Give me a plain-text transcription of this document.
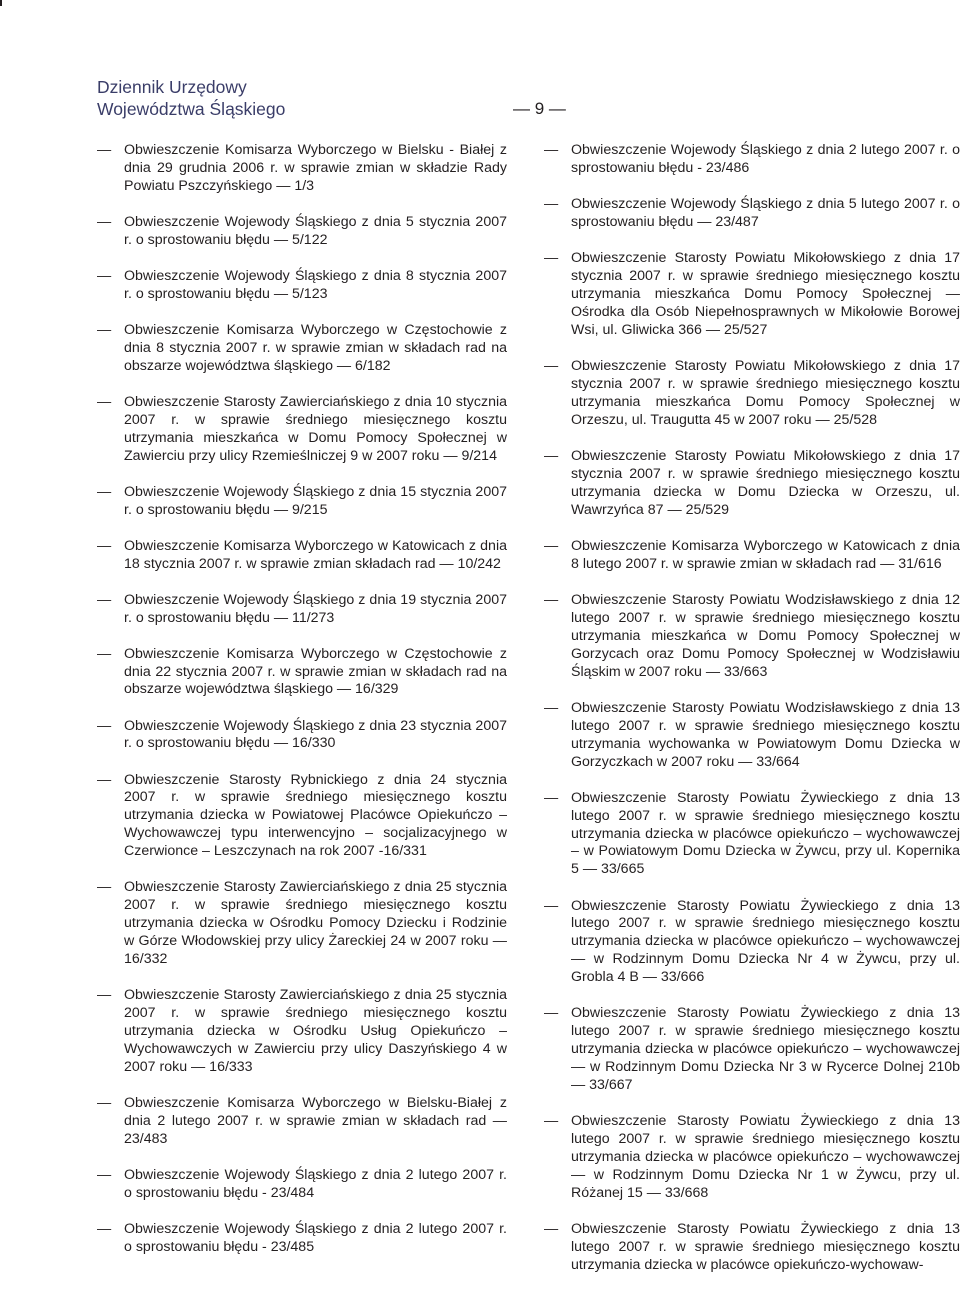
Dziennik Urzędowy

Województwa Śląskiego	— 9 —

— Obwieszczenie Komisarza Wyborczego w Bielsku - Białej z dnia 29 grudnia 2006 r. w sprawie zmian w składzie Rady Powiatu Pszczyńskiego — 1/3

— Obwieszczenie Wojewody Śląskiego z dnia 5 stycznia 2007 r. o sprostowaniu błędu — 5/122

— Obwieszczenie Wojewody Śląskiego z dnia 8 stycznia 2007 r. o sprostowaniu błędu — 5/123

— Obwieszczenie Komisarza Wyborczego w Częstochowie z dnia 8 stycznia 2007 r. w sprawie zmian w składach rad na obszarze województwa śląskiego — 6/182

— Obwieszczenie Starosty Zawierciańskiego z dnia 10 stycznia 2007 r. w sprawie średniego miesięcznego kosztu utrzymania mieszkańca w Domu Pomocy Społecznej w Zawierciu przy ulicy Rzemieślniczej 9 w 2007 roku — 9/214

— Obwieszczenie Wojewody Śląskiego z dnia 15 stycznia 2007 r. o sprostowaniu błędu — 9/215

— Obwieszczenie Komisarza Wyborczego w Katowicach z dnia 18 stycznia 2007 r. w sprawie zmian składach rad — 10/242

— Obwieszczenie Wojewody Śląskiego z dnia 19 stycznia 2007 r. o sprostowaniu błędu — 11/273

— Obwieszczenie Komisarza Wyborczego w Częstochowie z dnia 22 stycznia 2007 r. w sprawie zmian w składach rad na obszarze województwa śląskiego — 16/329

— Obwieszczenie Wojewody Śląskiego z dnia 23 stycznia 2007 r. o sprostowaniu błędu — 16/330

— Obwieszczenie Starosty Rybnickiego z dnia 24 stycznia 2007 r. w sprawie średniego miesięcznego kosztu utrzymania dziecka w Powiatowej Placówce Opiekuńczo – Wychowawczej typu interwencyjno – socjalizacyjnego w Czerwionce – Leszczynach na rok 2007 -16/331

— Obwieszczenie Starosty Zawierciańskiego z dnia 25 stycznia 2007 r. w sprawie średniego miesięcznego kosztu utrzymania dziecka w Ośrodku Pomocy Dziecku i Rodzinie w Górze Włodowskiej przy ulicy Żareckiej 24 w 2007 roku — 16/332

— Obwieszczenie Starosty Zawierciańskiego z dnia 25 stycznia 2007 r. w sprawie średniego miesięcznego kosztu utrzymania dziecka w Ośrodku Usług Opiekuńczo – Wychowawczych w Zawierciu przy ulicy Daszyńskiego 4 w 2007 roku — 16/333

— Obwieszczenie Komisarza Wyborczego w Bielsku-Białej z dnia 2 lutego 2007 r. w sprawie zmian w składach rad — 23/483

— Obwieszczenie Wojewody Śląskiego z dnia 2 lutego 2007 r. o sprostowaniu błędu - 23/484

— Obwieszczenie Wojewody Śląskiego z dnia 2 lutego 2007 r. o sprostowaniu błędu - 23/485

— Obwieszczenie Wojewody Śląskiego z dnia 2 lutego 2007 r. o sprostowaniu błędu - 23/486

— Obwieszczenie Wojewody Śląskiego z dnia 5 lutego 2007 r. o sprostowaniu błędu — 23/487

— Obwieszczenie Starosty Powiatu Mikołowskiego z dnia 17 stycznia 2007 r. w sprawie średniego miesięcznego kosztu utrzymania mieszkańca Domu Pomocy Społecznej — Ośrodka dla Osób Niepełnosprawnych w Mikołowie Borowej Wsi, ul. Gliwicka 366 — 25/527

— Obwieszczenie Starosty Powiatu Mikołowskiego z dnia 17 stycznia 2007 r. w sprawie średniego miesięcznego kosztu utrzymania mieszkańca Domu Pomocy Społecznej w Orzeszu, ul. Traugutta 45 w 2007 roku — 25/528

— Obwieszczenie Starosty Powiatu Mikołowskiego z dnia 17 stycznia 2007 r. w sprawie średniego miesięcznego kosztu utrzymania dziecka w Domu Dziecka w Orzeszu, ul. Wawrzyńca 87 — 25/529

— Obwieszczenie Komisarza Wyborczego w Katowicach z dnia 8 lutego 2007 r. w sprawie zmian w składach rad — 31/616

— Obwieszczenie Starosty Powiatu Wodzisławskiego z dnia 12 lutego 2007 r. w sprawie średniego miesięcznego kosztu utrzymania mieszkańca w Domu Pomocy Społecznej w Gorzycach oraz Domu Pomocy Społecznej w Wodzisławiu Śląskim w 2007 roku — 33/663

— Obwieszczenie Starosty Powiatu Wodzisławskiego z dnia 13 lutego 2007 r. w sprawie średniego miesięcznego kosztu utrzymania wychowanka w Powiatowym Domu Dziecka w Gorzyczkach w 2007 roku — 33/664

— Obwieszczenie Starosty Powiatu Żywieckiego z dnia 13 lutego 2007 r. w sprawie średniego miesięcznego kosztu utrzymania dziecka w placówce opiekuńczo – wychowawczej – w Powiatowym Domu Dziecka w Żywcu, przy ul. Kopernika 5 — 33/665

— Obwieszczenie Starosty Powiatu Żywieckiego z dnia 13 lutego 2007 r. w sprawie średniego miesięcznego kosztu utrzymania dziecka w placówce opiekuńczo – wychowawczej — w Rodzinnym Domu Dziecka Nr 4 w Żywcu, przy ul. Grobla 4 B — 33/666

— Obwieszczenie Starosty Powiatu Żywieckiego z dnia 13 lutego 2007 r. w sprawie średniego miesięcznego kosztu utrzymania dziecka w placówce opiekuńczo – wychowawczej — w Rodzinnym Domu Dziecka Nr 3 w Rycerce Dolnej 210b — 33/667

— Obwieszczenie Starosty Powiatu Żywieckiego z dnia 13 lutego 2007 r. w sprawie średniego miesięcznego kosztu utrzymania dziecka w placówce opiekuńczo – wychowawczej — w Rodzinnym Domu Dziecka Nr 1 w Żywcu, przy ul. Różanej 15 — 33/668

— Obwieszczenie Starosty Powiatu Żywieckiego z dnia 13 lutego 2007 r. w sprawie średniego miesięcznego kosztu utrzymania dziecka w placówce opiekuńczo-wychowaw-
